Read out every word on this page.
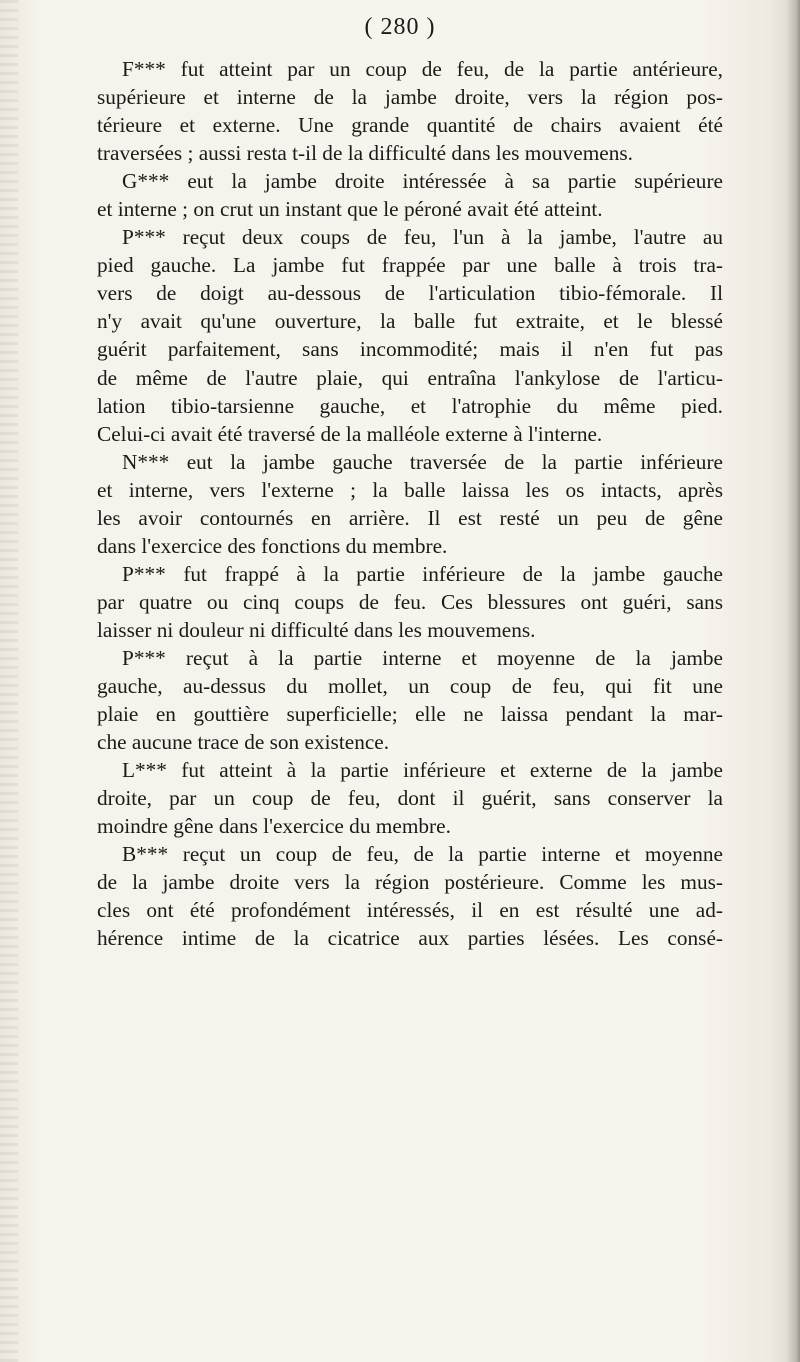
( 280 )
F*** fut atteint par un coup de feu, de la partie antérieure,
supérieure et interne de la jambe droite, vers la région pos-
térieure et externe. Une grande quantité de chairs avaient été
traversées ; aussi resta t-il de la difficulté dans les mouvemens.
G*** eut la jambe droite intéressée à sa partie supérieure
et interne ; on crut un instant que le péroné avait été atteint.
P*** reçut deux coups de feu, l'un à la jambe, l'autre au
pied gauche. La jambe fut frappée par une balle à trois tra-
vers de doigt au-dessous de l'articulation tibio-fémorale. Il
n'y avait qu'une ouverture, la balle fut extraite, et le blessé
guérit parfaitement, sans incommodité; mais il n'en fut pas
de même de l'autre plaie, qui entraîna l'ankylose de l'articu-
lation tibio-tarsienne gauche, et l'atrophie du même pied.
Celui-ci avait été traversé de la malléole externe à l'interne.
N*** eut la jambe gauche traversée de la partie inférieure
et interne, vers l'externe ; la balle laissa les os intacts, après
les avoir contournés en arrière. Il est resté un peu de gêne
dans l'exercice des fonctions du membre.
P*** fut frappé à la partie inférieure de la jambe gauche
par quatre ou cinq coups de feu. Ces blessures ont guéri, sans
laisser ni douleur ni difficulté dans les mouvemens.
P*** reçut à la partie interne et moyenne de la jambe
gauche, au-dessus du mollet, un coup de feu, qui fit une
plaie en gouttière superficielle; elle ne laissa pendant la mar-
che aucune trace de son existence.
L*** fut atteint à la partie inférieure et externe de la jambe
droite, par un coup de feu, dont il guérit, sans conserver la
moindre gêne dans l'exercice du membre.
B*** reçut un coup de feu, de la partie interne et moyenne
de la jambe droite vers la région postérieure. Comme les mus-
cles ont été profondément intéressés, il en est résulté une ad-
hérence intime de la cicatrice aux parties lésées. Les consé-
